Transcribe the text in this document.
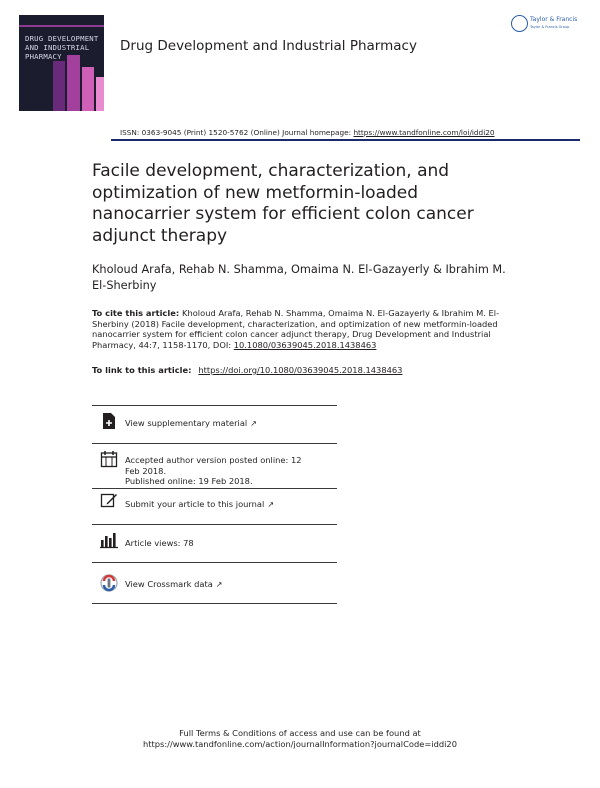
DRUG DEVELOPMENT
AND INDUSTRIAL
PHARMACY
Drug Development and Industrial Pharmacy
Taylor & Francis
Taylor & Francis Group
ISSN: 0363-9045 (Print) 1520-5762 (Online) Journal homepage: https://www.tandfonline.com/loi/iddi20
Facile development, characterization, and optimization of new metformin-loaded nanocarrier system for efficient colon cancer adjunct therapy
Kholoud Arafa, Rehab N. Shamma, Omaima N. El-Gazayerly & Ibrahim M. El-Sherbiny
To cite this article: Kholoud Arafa, Rehab N. Shamma, Omaima N. El-Gazayerly & Ibrahim M. El-Sherbiny (2018) Facile development, characterization, and optimization of new metformin-loaded nanocarrier system for efficient colon cancer adjunct therapy, Drug Development and Industrial Pharmacy, 44:7, 1158-1170, DOI: 10.1080/03639045.2018.1438463
To link to this article: https://doi.org/10.1080/03639045.2018.1438463
View supplementary material ↗
Accepted author version posted online: 12 Feb 2018.
Published online: 19 Feb 2018.
Submit your article to this journal ↗
Article views: 78
View Crossmark data ↗
Full Terms & Conditions of access and use can be found at
https://www.tandfonline.com/action/journalInformation?journalCode=iddi20
